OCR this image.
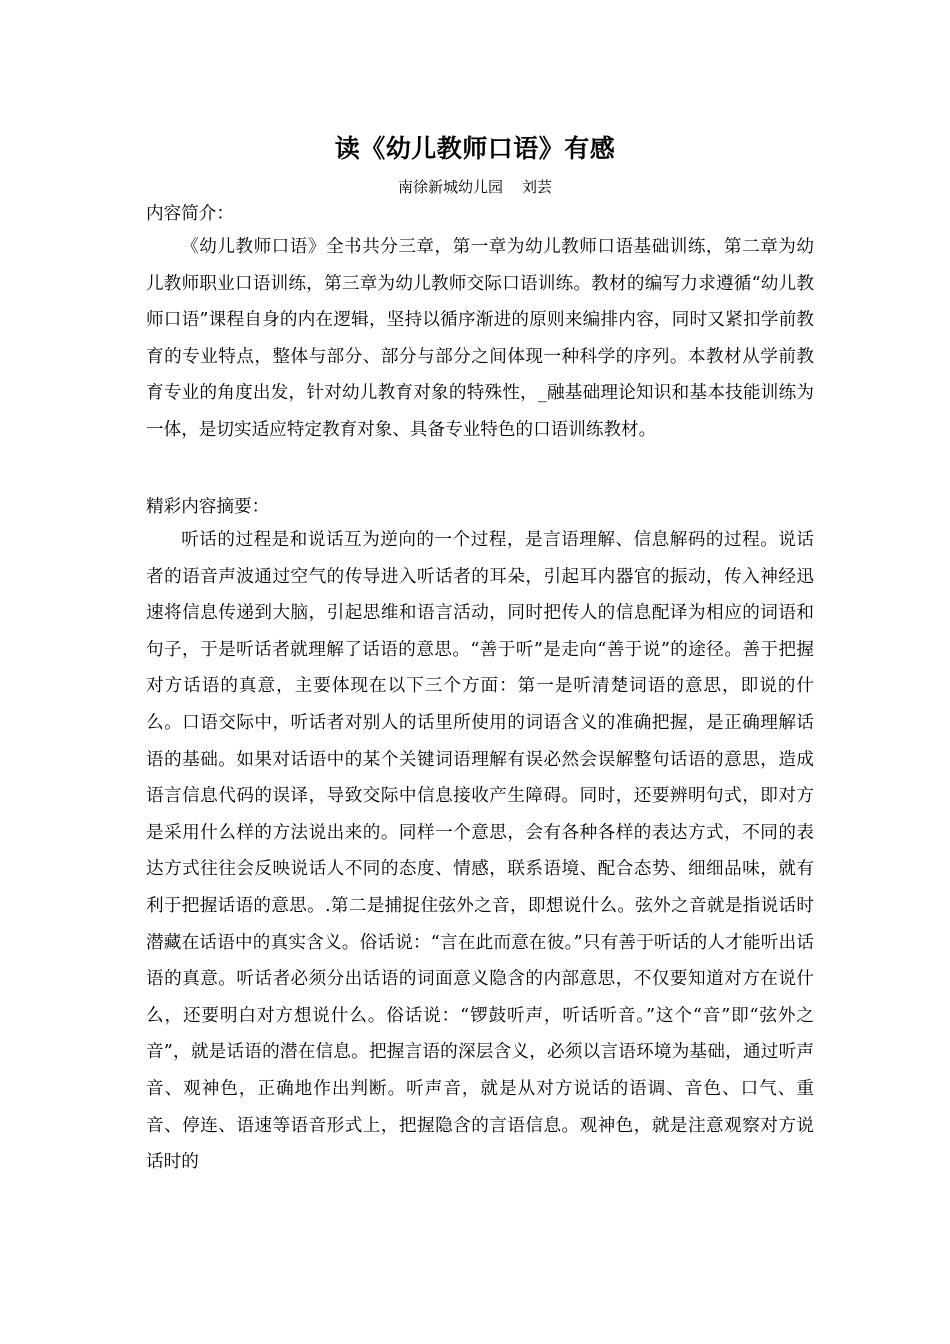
读《幼儿教师口语》有感
南徐新城幼儿园    刘芸

内容简介：

《幼儿教师口语》全书共分三章，第一章为幼儿教师口语基础训练，第二章为幼儿教师职业口语训练，第三章为幼儿教师交际口语训练。教材的编写力求遵循“幼儿教师口语”课程自身的内在逻辑，坚持以循序渐进的原则来编排内容，同时又紧扣学前教育的专业特点，整体与部分、部分与部分之间体现一种科学的序列。本教材从学前教育专业的角度出发，针对幼儿教育对象的特殊性，_融基础理论知识和基本技能训练为一体，是切实适应特定教育对象、具备专业特色的口语训练教材。

精彩内容摘要：

听话的过程是和说话互为逆向的一个过程，是言语理解、信息解码的过程。说话者的语音声波通过空气的传导进入听话者的耳朵，引起耳内器官的振动，传入神经迅速将信息传递到大脑，引起思维和语言活动，同时把传人的信息配译为相应的词语和句子，于是听话者就理解了话语的意思。“善于听”是走向“善于说”的途径。善于把握对方话语的真意，主要体现在以下三个方面：第一是听清楚词语的意思，即说的什么。口语交际中，听话者对别人的话里所使用的词语含义的准确把握，是正确理解话语的基础。如果对话语中的某个关键词语理解有误必然会误解整句话语的意思，造成语言信息代码的误译，导致交际中信息接收产生障碍。同时，还要辨明句式，即对方是采用什么样的方法说出来的。同样一个意思，会有各种各样的表达方式，不同的表达方式往往会反映说话人不同的态度、情感，联系语境、配合态势、细细品味，就有利于把握话语的意思。.第二是捕捉住弦外之音，即想说什么。弦外之音就是指说话时潜藏在话语中的真实含义。俗话说：“言在此而意在彼。”只有善于听话的人才能听出话语的真意。听话者必须分出话语的词面意义隐含的内部意思，不仅要知道对方在说什么，还要明白对方想说什么。俗话说：“锣鼓听声，听话听音。”这个“音”即“弦外之音”，就是话语的潜在信息。把握言语的深层含义，必须以言语环境为基础，通过听声音、观神色，正确地作出判断。听声音，就是从对方说话的语调、音色、口气、重音、停连、语速等语音形式上，把握隐含的言语信息。观神色，就是注意观察对方说话时的
